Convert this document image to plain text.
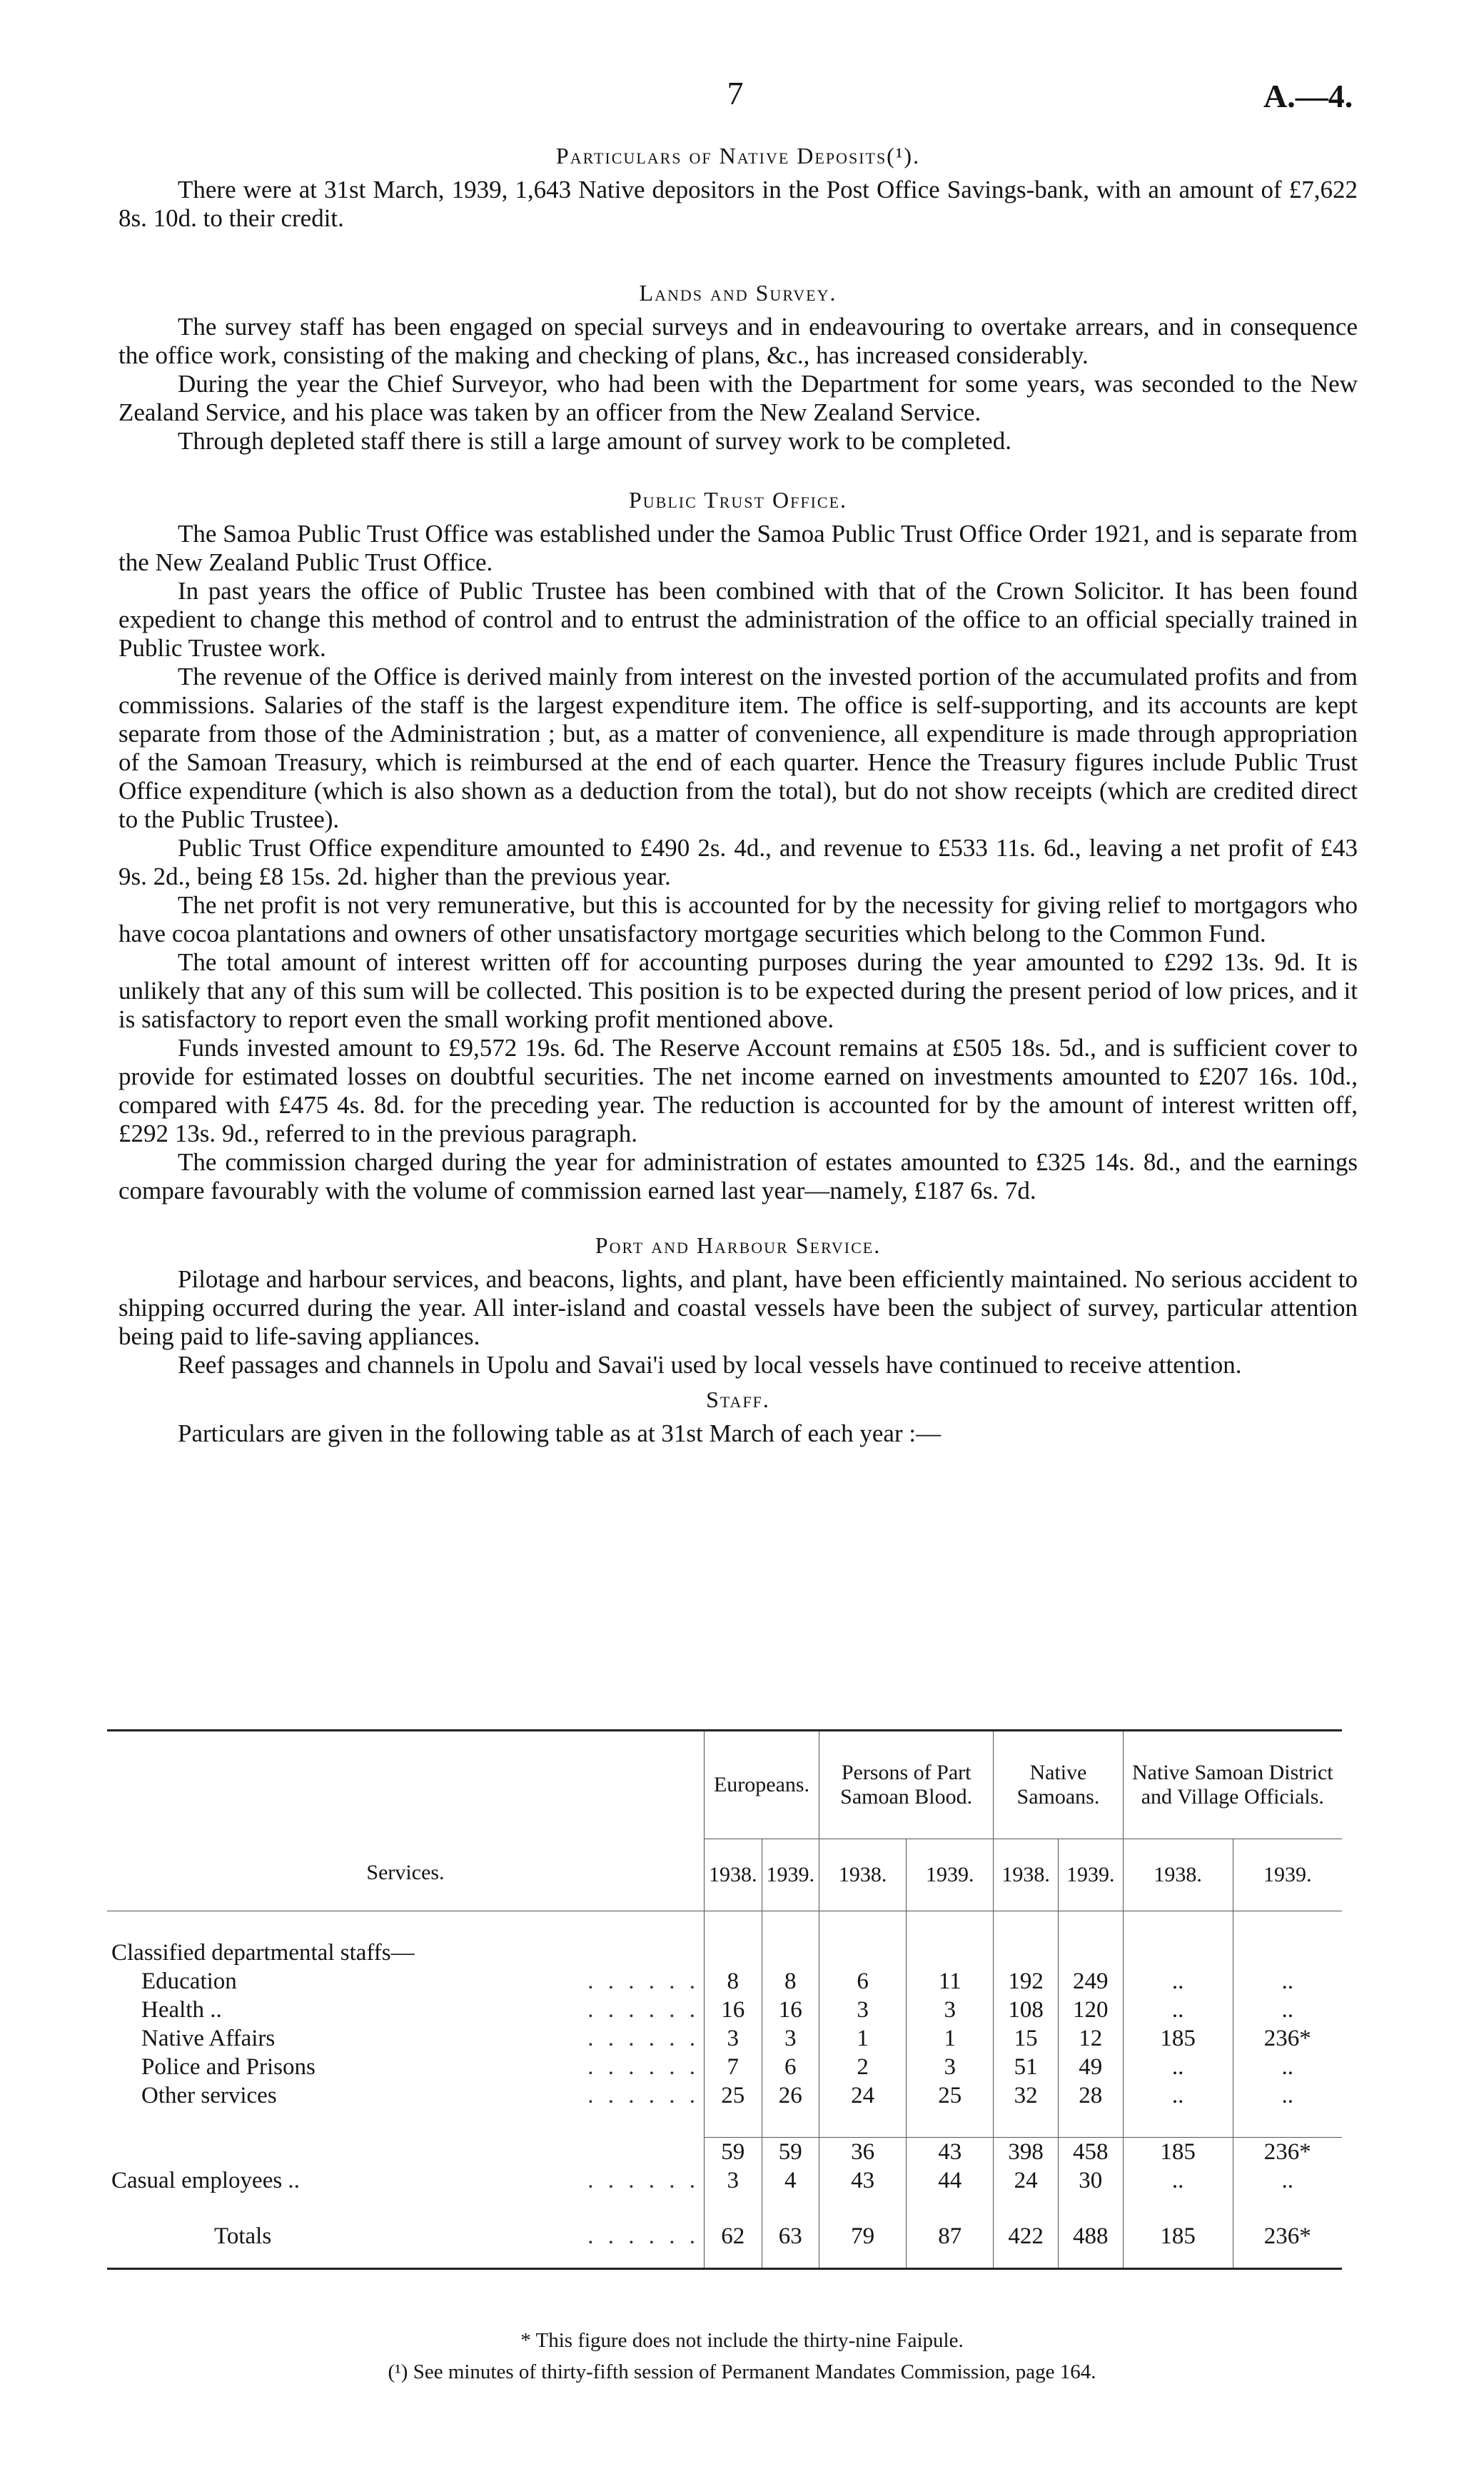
7	A.—4.
Particulars of Native Deposits(¹).

There were at 31st March, 1939, 1,643 Native depositors in the Post Office Savings-bank, with an amount of £7,622 8s. 10d. to their credit.

Lands and Survey.

The survey staff has been engaged on special surveys and in endeavouring to overtake arrears, and in consequence the office work, consisting of the making and checking of plans, &c., has increased considerably.

During the year the Chief Surveyor, who had been with the Department for some years, was seconded to the New Zealand Service, and his place was taken by an officer from the New Zealand Service.

Through depleted staff there is still a large amount of survey work to be completed.

Public Trust Office.

The Samoa Public Trust Office was established under the Samoa Public Trust Office Order 1921, and is separate from the New Zealand Public Trust Office.

In past years the office of Public Trustee has been combined with that of the Crown Solicitor. It has been found expedient to change this method of control and to entrust the administration of the office to an official specially trained in Public Trustee work.

The revenue of the Office is derived mainly from interest on the invested portion of the accumulated profits and from commissions. Salaries of the staff is the largest expenditure item. The office is self-supporting, and its accounts are kept separate from those of the Administration ; but, as a matter of convenience, all expenditure is made through appropriation of the Samoan Treasury, which is reimbursed at the end of each quarter. Hence the Treasury figures include Public Trust Office expenditure (which is also shown as a deduction from the total), but do not show receipts (which are credited direct to the Public Trustee).

Public Trust Office expenditure amounted to £490 2s. 4d., and revenue to £533 11s. 6d., leaving a net profit of £43 9s. 2d., being £8 15s. 2d. higher than the previous year.

The net profit is not very remunerative, but this is accounted for by the necessity for giving relief to mortgagors who have cocoa plantations and owners of other unsatisfactory mortgage securities which belong to the Common Fund.

The total amount of interest written off for accounting purposes during the year amounted to £292 13s. 9d. It is unlikely that any of this sum will be collected. This position is to be expected during the present period of low prices, and it is satisfactory to report even the small working profit mentioned above.

Funds invested amount to £9,572 19s. 6d. The Reserve Account remains at £505 18s. 5d., and is sufficient cover to provide for estimated losses on doubtful securities. The net income earned on investments amounted to £207 16s. 10d., compared with £475 4s. 8d. for the preceding year. The reduction is accounted for by the amount of interest written off, £292 13s. 9d., referred to in the previous paragraph.

The commission charged during the year for administration of estates amounted to £325 14s. 8d., and the earnings compare favourably with the volume of commission earned last year—namely, £187 6s. 7d.

Port and Harbour Service.

Pilotage and harbour services, and beacons, lights, and plant, have been efficiently maintained. No serious accident to shipping occurred during the year. All inter-island and coastal vessels have been the subject of survey, particular attention being paid to life-saving appliances.

Reef passages and channels in Upolu and Savai'i used by local vessels have continued to receive attention.

Staff.

Particulars are given in the following table as at 31st March of each year :—

Services.	Europeans.		Persons of Part Samoan Blood.		Native Samoans.		Native Samoan District and Village Officials.	
	1938.	1939.	1938.	1939.	1938.	1939.	1938.	1939.

Classified departmental staffs—								

Education . . . . . .	8	8	6	11	192	249	..	..

Health .. . . . . . .	16	16	3	3	108	120	..	..

Native Affairs . . . . . .	3	3	1	1	15	12	185	236*

Police and Prisons . . . . . .	7	6	2	3	51	49	..	..

Other services . . . . . .	25	26	24	25	32	28	..	..

	59	59	36	43	398	458	185	236*

Casual employees .. . . . . . .	3	4	43	44	24	30	..	..

Totals . . . . . .	62	63	79	87	422	488	185	236*
* This figure does not include the thirty-nine Faipule.
(¹) See minutes of thirty-fifth session of Permanent Mandates Commission, page 164.
